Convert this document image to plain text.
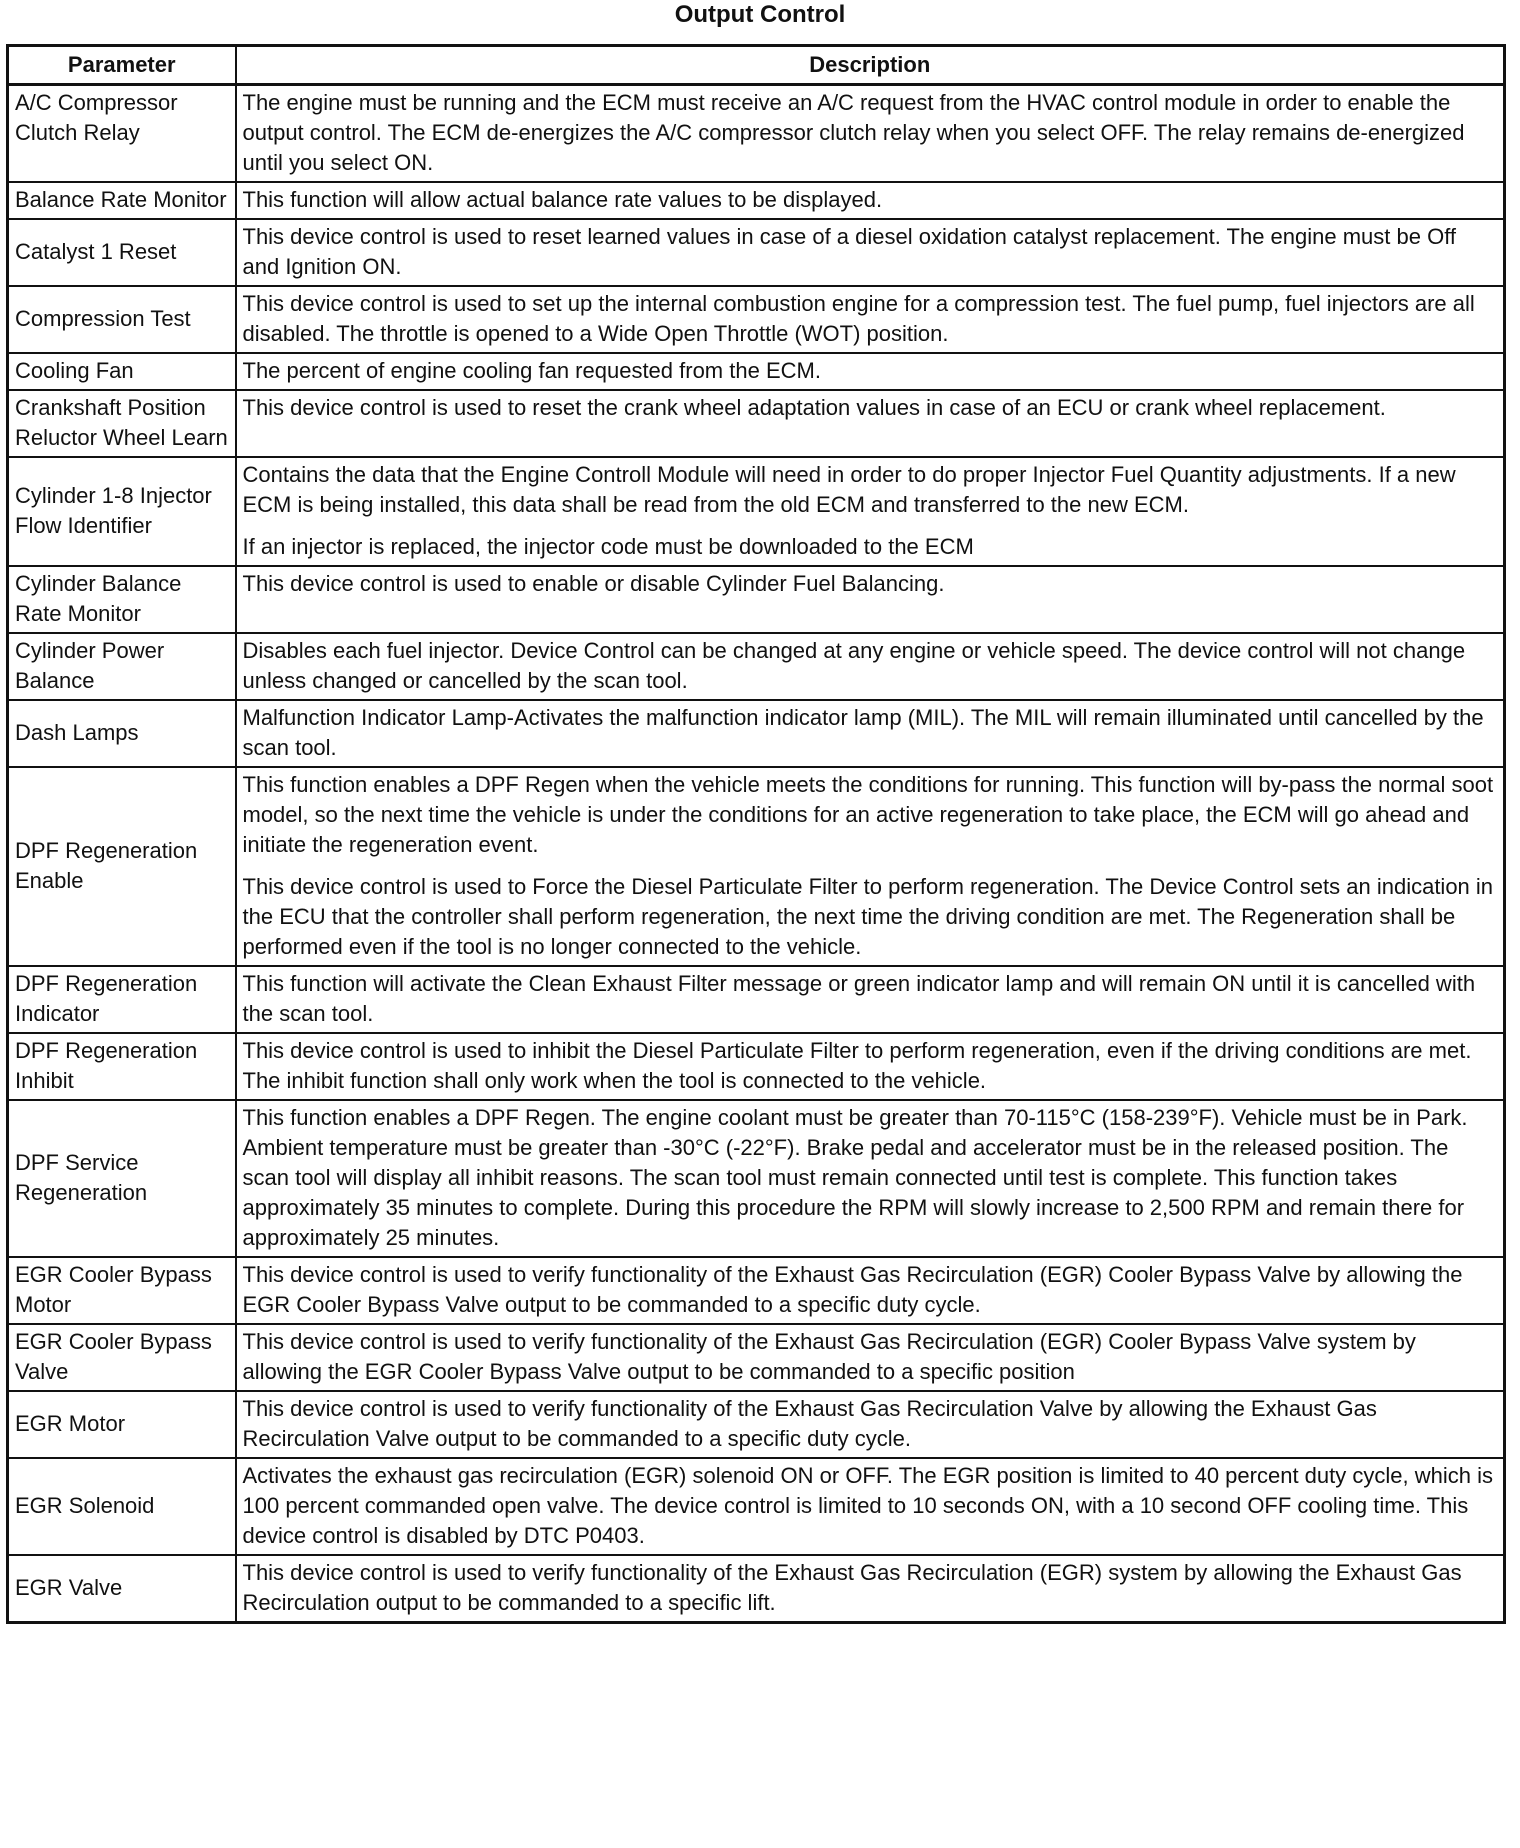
Output Control
Parameter	Description
A/C Compressor Clutch Relay	The engine must be running and the ECM must receive an A/C request from the HVAC control module in order to enable the output control. The ECM de-energizes the A/C compressor clutch relay when you select OFF. The relay remains de-energized until you select ON.

Balance Rate Monitor	This function will allow actual balance rate values to be displayed.

Catalyst 1 Reset	This device control is used to reset learned values in case of a diesel oxidation catalyst replacement. The engine must be Off and Ignition ON.

Compression Test	This device control is used to set up the internal combustion engine for a compression test. The fuel pump, fuel injectors are all disabled. The throttle is opened to a Wide Open Throttle (WOT) position.

Cooling Fan	The percent of engine cooling fan requested from the ECM.

Crankshaft Position Reluctor Wheel Learn	This device control is used to reset the crank wheel adaptation values in case of an ECU or crank wheel replacement.

Cylinder 1-8 Injector Flow Identifier	Contains the data that the Engine Controll Module will need in order to do proper Injector Fuel Quantity adjustments. If a new ECM is being installed, this data shall be read from the old ECM and transferred to the new ECM.

If an injector is replaced, the injector code must be downloaded to the ECM

Cylinder Balance Rate Monitor	This device control is used to enable or disable Cylinder Fuel Balancing.

Cylinder Power Balance	Disables each fuel injector. Device Control can be changed at any engine or vehicle speed. The device control will not change unless changed or cancelled by the scan tool.

Dash Lamps	Malfunction Indicator Lamp-Activates the malfunction indicator lamp (MIL). The MIL will remain illuminated until cancelled by the scan tool.

DPF Regeneration Enable	This function enables a DPF Regen when the vehicle meets the conditions for running. This function will by-pass the normal soot model, so the next time the vehicle is under the conditions for an active regeneration to take place, the ECM will go ahead and initiate the regeneration event.

This device control is used to Force the Diesel Particulate Filter to perform regeneration. The Device Control sets an indication in the ECU that the controller shall perform regeneration, the next time the driving condition are met. The Regeneration shall be performed even if the tool is no longer connected to the vehicle.

DPF Regeneration Indicator	This function will activate the Clean Exhaust Filter message or green indicator lamp and will remain ON until it is cancelled with the scan tool.

DPF Regeneration Inhibit	This device control is used to inhibit the Diesel Particulate Filter to perform regeneration, even if the driving conditions are met. The inhibit function shall only work when the tool is connected to the vehicle.

DPF Service Regeneration	This function enables a DPF Regen. The engine coolant must be greater than 70-115°C (158-239°F). Vehicle must be in Park. Ambient temperature must be greater than -30°C (-22°F). Brake pedal and accelerator must be in the released position. The scan tool will display all inhibit reasons. The scan tool must remain connected until test is complete. This function takes approximately 35 minutes to complete. During this procedure the RPM will slowly increase to 2,500 RPM and remain there for approximately 25 minutes.

EGR Cooler Bypass Motor	This device control is used to verify functionality of the Exhaust Gas Recirculation (EGR) Cooler Bypass Valve by allowing the EGR Cooler Bypass Valve output to be commanded to a specific duty cycle.

EGR Cooler Bypass Valve	This device control is used to verify functionality of the Exhaust Gas Recirculation (EGR) Cooler Bypass Valve system by allowing the EGR Cooler Bypass Valve output to be commanded to a specific position

EGR Motor	This device control is used to verify functionality of the Exhaust Gas Recirculation Valve by allowing the Exhaust Gas Recirculation Valve output to be commanded to a specific duty cycle.

EGR Solenoid	Activates the exhaust gas recirculation (EGR) solenoid ON or OFF. The EGR position is limited to 40 percent duty cycle, which is 100 percent commanded open valve. The device control is limited to 10 seconds ON, with a 10 second OFF cooling time. This device control is disabled by DTC P0403.

EGR Valve	This device control is used to verify functionality of the Exhaust Gas Recirculation (EGR) system by allowing the Exhaust Gas Recirculation output to be commanded to a specific lift.
